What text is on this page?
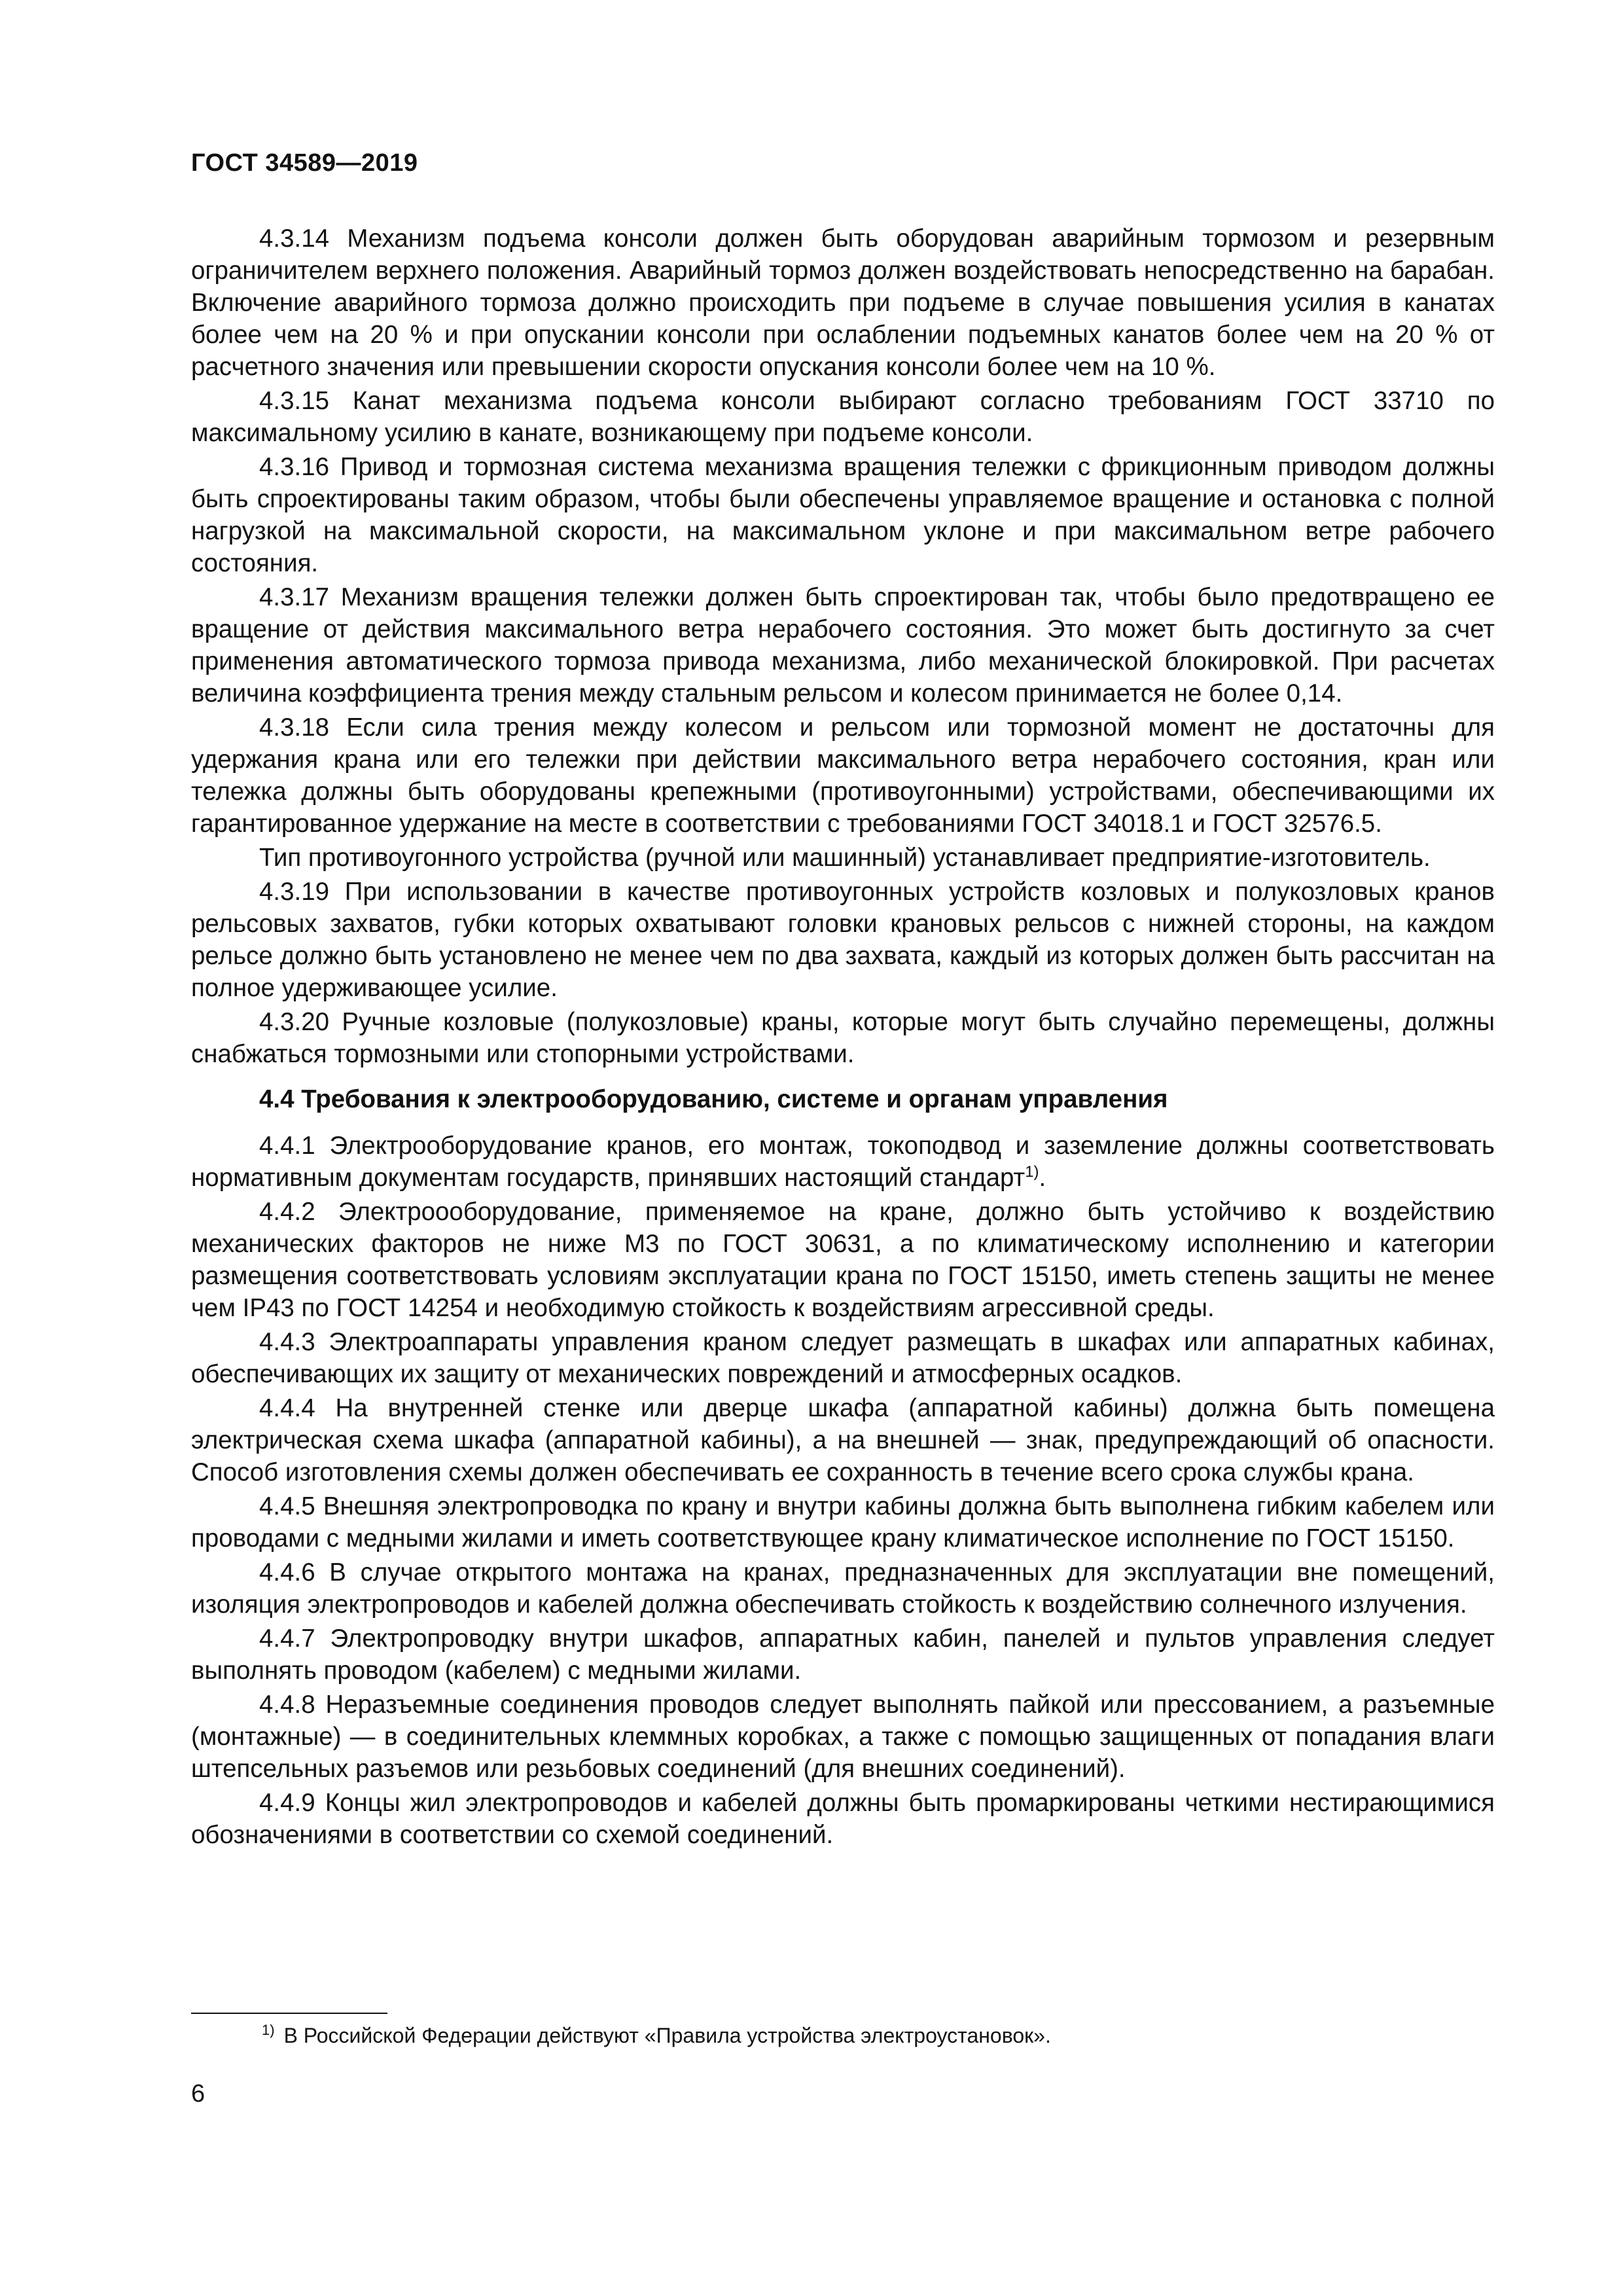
ГОСТ 34589—2019

4.3.14 Механизм подъема консоли должен быть оборудован аварийным тормозом и резервным ограничителем верхнего положения. Аварийный тормоз должен воздействовать непосредственно на барабан. Включение аварийного тормоза должно происходить при подъеме в случае повышения усилия в канатах более чем на 20 % и при опускании консоли при ослаблении подъемных канатов более чем на 20 % от расчетного значения или превышении скорости опускания консоли более чем на 10 %.

4.3.15 Канат механизма подъема консоли выбирают согласно требованиям ГОСТ 33710 по максимальному усилию в канате, возникающему при подъеме консоли.

4.3.16 Привод и тормозная система механизма вращения тележки с фрикционным приводом должны быть спроектированы таким образом, чтобы были обеспечены управляемое вращение и остановка с полной нагрузкой на максимальной скорости, на максимальном уклоне и при максимальном ветре рабочего состояния.

4.3.17 Механизм вращения тележки должен быть спроектирован так, чтобы было предотвращено ее вращение от действия максимального ветра нерабочего состояния. Это может быть достигнуто за счет применения автоматического тормоза привода механизма, либо механической блокировкой. При расчетах величина коэффициента трения между стальным рельсом и колесом принимается не более 0,14.

4.3.18 Если сила трения между колесом и рельсом или тормозной момент не достаточны для удержания крана или его тележки при действии максимального ветра нерабочего состояния, кран или тележка должны быть оборудованы крепежными (противоугонными) устройствами, обеспечивающими их гарантированное удержание на месте в соответствии с требованиями ГОСТ 34018.1 и ГОСТ 32576.5.

Тип противоугонного устройства (ручной или машинный) устанавливает предприятие-изготовитель.

4.3.19 При использовании в качестве противоугонных устройств козловых и полукозловых кранов рельсовых захватов, губки которых охватывают головки крановых рельсов с нижней стороны, на каждом рельсе должно быть установлено не менее чем по два захвата, каждый из которых должен быть рассчитан на полное удерживающее усилие.

4.3.20 Ручные козловые (полукозловые) краны, которые могут быть случайно перемещены, должны снабжаться тормозными или стопорными устройствами.

4.4 Требования к электрооборудованию, системе и органам управления

4.4.1 Электрооборудование кранов, его монтаж, токоподвод и заземление должны соответствовать нормативным документам государств, принявших настоящий стандарт$^{1)}$.

4.4.2 Электроооборудование, применяемое на кране, должно быть устойчиво к воздействию механических факторов не ниже М3 по ГОСТ 30631, а по климатическому исполнению и категории размещения соответствовать условиям эксплуатации крана по ГОСТ 15150, иметь степень защиты не менее чем IP43 по ГОСТ 14254 и необходимую стойкость к воздействиям агрессивной среды.

4.4.3 Электроаппараты управления краном следует размещать в шкафах или аппаратных кабинах, обеспечивающих их защиту от механических повреждений и атмосферных осадков.

4.4.4 На внутренней стенке или дверце шкафа (аппаратной кабины) должна быть помещена электрическая схема шкафа (аппаратной кабины), а на внешней — знак, предупреждающий об опасности. Способ изготовления схемы должен обеспечивать ее сохранность в течение всего срока службы крана.

4.4.5 Внешняя электропроводка по крану и внутри кабины должна быть выполнена гибким кабелем или проводами с медными жилами и иметь соответствующее крану климатическое исполнение по ГОСТ 15150.

4.4.6 В случае открытого монтажа на кранах, предназначенных для эксплуатации вне помещений, изоляция электропроводов и кабелей должна обеспечивать стойкость к воздействию солнечного излучения.

4.4.7 Электропроводку внутри шкафов, аппаратных кабин, панелей и пультов управления следует выполнять проводом (кабелем) с медными жилами.

4.4.8 Неразъемные соединения проводов следует выполнять пайкой или прессованием, а разъемные (монтажные) — в соединительных клеммных коробках, а также с помощью защищенных от попадания влаги штепсельных разъемов или резьбовых соединений (для внешних соединений).

4.4.9 Концы жил электропроводов и кабелей должны быть промаркированы четкими нестирающимися обозначениями в соответствии со схемой соединений.

$^{1)}$ В Российской Федерации действуют «Правила устройства электроустановок».
6
